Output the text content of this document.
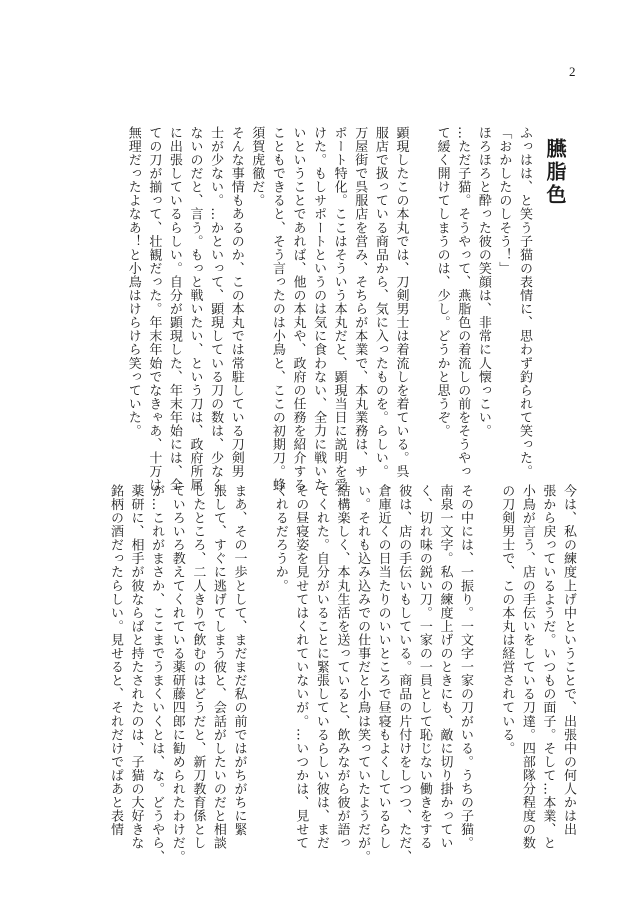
2
臙脂色
ふっはは、と笑う子猫の表情に、思わず釣られて笑った。
「おかしたのしそう！」
ほろほろと酔った彼の笑顔は、非常に人懐っこい。
…ただ子猫。そうやって、燕脂色の着流しの前をそうやっ
て緩く開けてしまうのは、少し。どうかと思うぞ。

顕現したこの本丸では、刀剣男士は着流しを着ている。呉
服店で扱っている商品から、気に入ったものを。らしい。
万屋街で呉服店を営み、そちらが本業で、本丸業務は、サ
ポート特化。ここはそういう本丸だと、顕現当日に説明を受
けた。もしサポートというのは気に食わない、全力に戦いた
いということであれば、他の本丸や、政府の任務を紹介する
こともできると、そう言ったのは小鳥と、ここの初期刀。蜂
須賀虎徹だ。
そんな事情もあるのか、この本丸では常駐している刀剣男
士が少ない。…かといって、顕現している刀の数は、少なく
ないのだと、言う。もっと戦いたい、という刀は、政府所属
に出張しているらしい。自分が顕現した、年末年始には、全
ての刀が揃って、壮観だった。年末年始でなきゃあ、十万は
無理だったよなあ！と小鳥はけらけら笑っていた。
今は、私の練度上げ中ということで、出張中の何人かは出
張から戻っているようだ。いつもの面子。そして…本業、と
小鳥が言う、店の手伝いをしている刀達。四部隊分程度の数
の刀剣男士で、この本丸は経営されている。

その中には、一振り。一文字一家の刀がいる。うちの子猫。
南泉一文字。私の練度上げのときにも、敵に切り掛かってい
く、切れ味の鋭い刀。一家の一員として恥じない働きをする
彼は、店の手伝いもしている。商品の片付けをしつつ、ただ、
倉庫近くの日当たりのいいところで昼寝もよくしているらし
い。それも込み込みでの仕事だと小鳥は笑っていたようだが。
結構楽しく、本丸生活を送っていると、飲みながら彼が語っ
てくれた。自分がいることに緊張しているらしい彼は、まだ
その昼寝姿を見せてはくれていないが。…いつかは、見せて
くれるだろうか。

まあ、その一歩として、まだまだ私の前ではがちがちに緊
張して、すぐに逃げてしまう彼と、会話がしたいのだと相談
したところ、二人きりで飲むのはどうだと、新刀教育係とし
ていろいろ教えてくれている薬研藤四郎に勧められたわけだ。
が…これがまさか、ここまでうまくいくとは、な。どうやら、
薬研に、相手が彼ならばと持たされたのは、子猫の大好きな
銘柄の酒だったらしい。見せると、それだけでぱあと表情
